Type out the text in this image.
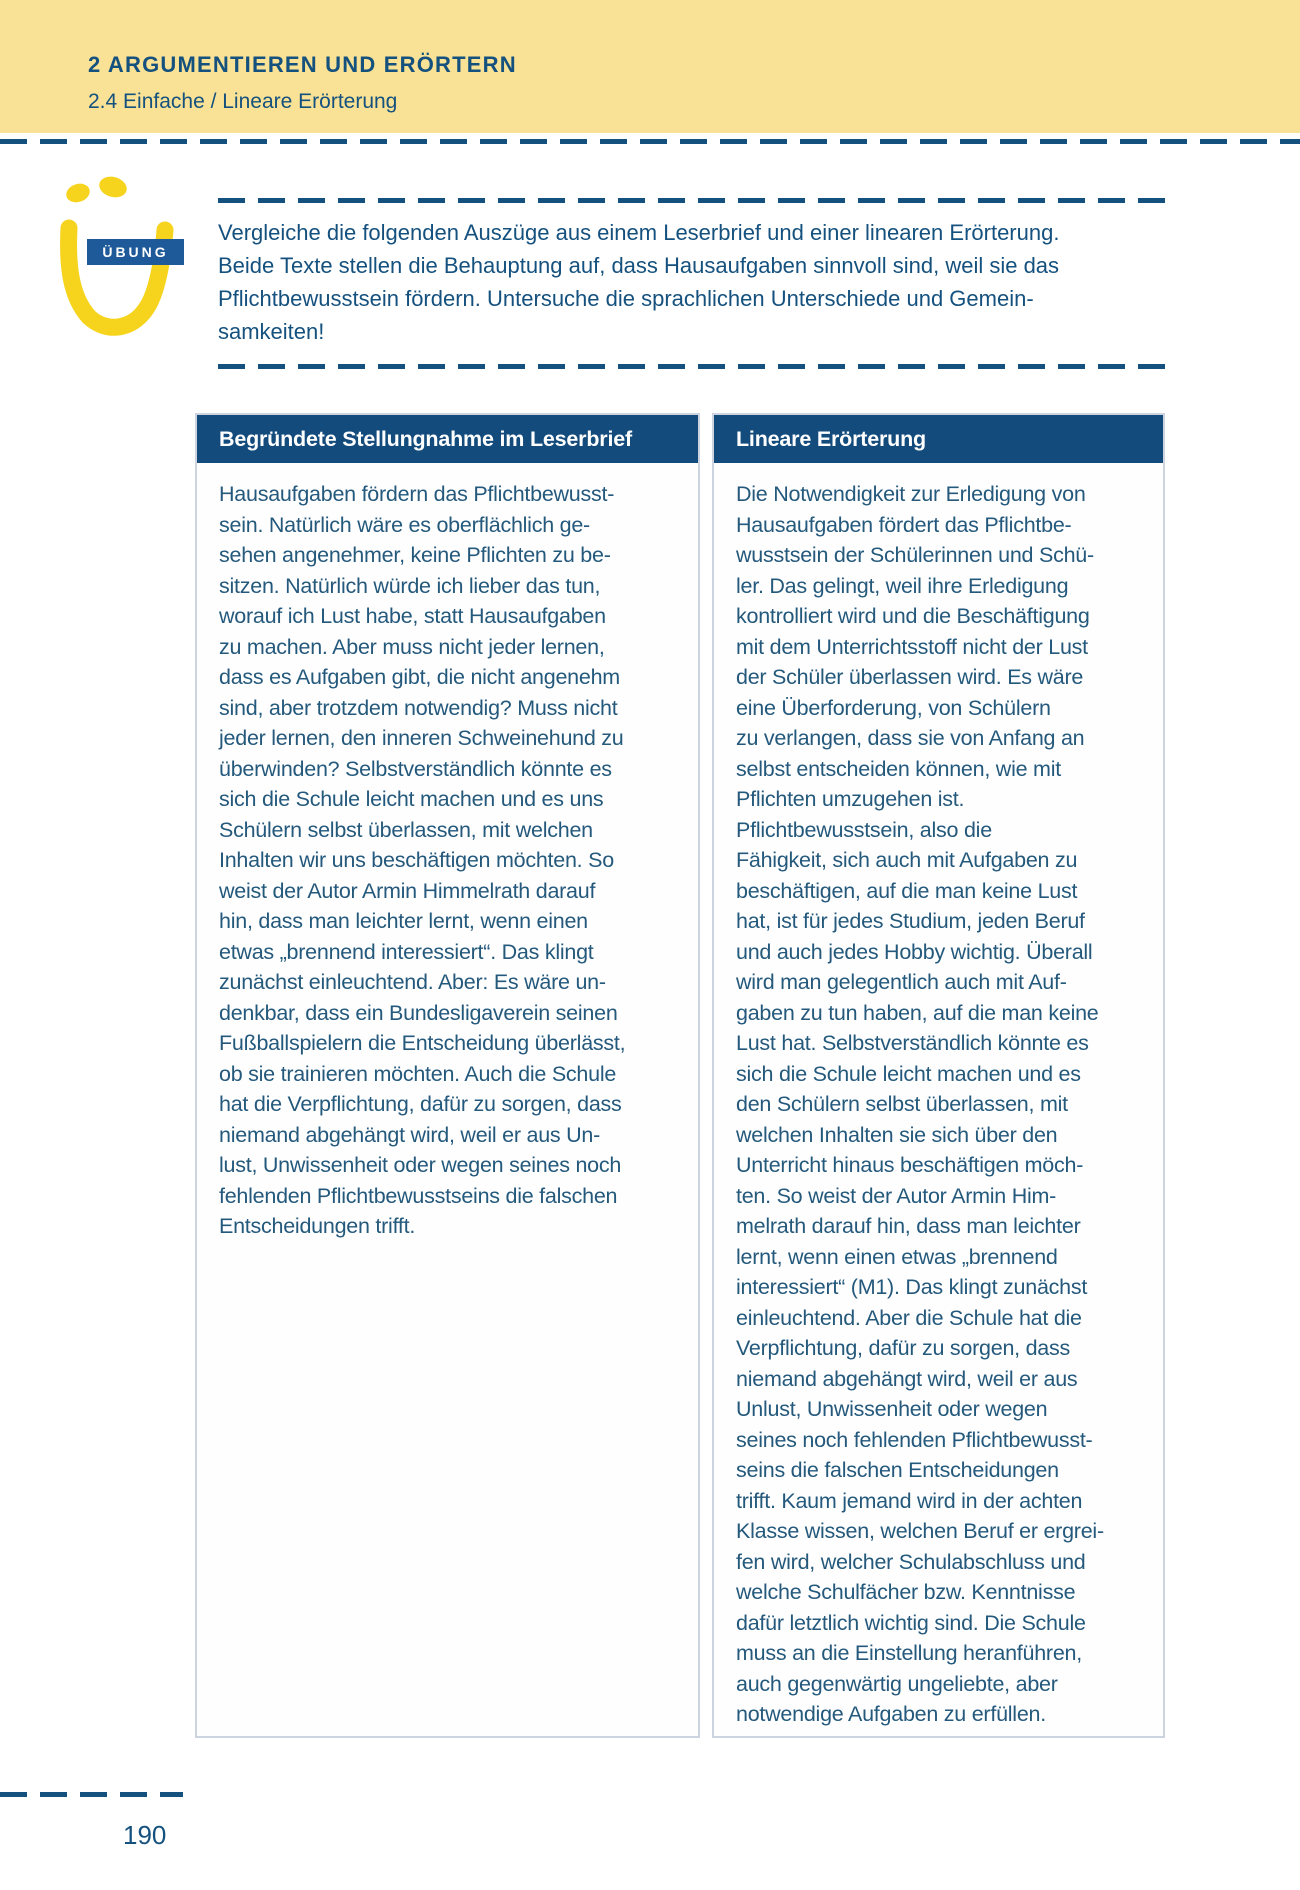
2 ARGUMENTIEREN UND ERÖRTERN
2.4 Einfache / Lineare Erörterung
ÜBUNG
Vergleiche die folgenden Auszüge aus einem Leserbrief und einer linearen Erörterung.
Beide Texte stellen die Behauptung auf, dass Hausaufgaben sinnvoll sind, weil sie das
Pflichtbewusstsein fördern. Untersuche die sprachlichen Unterschiede und Gemein-
samkeiten!
Begründete Stellungnahme im Leserbrief
Hausaufgaben fördern das Pflichtbewusst-
sein. Natürlich wäre es oberflächlich ge-
sehen angenehmer, keine Pflichten zu be-
sitzen. Natürlich würde ich lieber das tun,
worauf ich Lust habe, statt Hausaufgaben
zu machen. Aber muss nicht jeder lernen,
dass es Aufgaben gibt, die nicht angenehm
sind, aber trotzdem notwendig? Muss nicht
jeder lernen, den inneren Schweinehund zu
überwinden? Selbstverständlich könnte es
sich die Schule leicht machen und es uns
Schülern selbst überlassen, mit welchen
Inhalten wir uns beschäftigen möchten. So
weist der Autor Armin Himmelrath darauf
hin, dass man leichter lernt, wenn einen
etwas „brennend interessiert“. Das klingt
zunächst einleuchtend. Aber: Es wäre un-
denkbar, dass ein Bundesligaverein seinen
Fußballspielern die Entscheidung überlässt,
ob sie trainieren möchten. Auch die Schule
hat die Verpflichtung, dafür zu sorgen, dass
niemand abgehängt wird, weil er aus Un-
lust, Unwissenheit oder wegen seines noch
fehlenden Pflichtbewusstseins die falschen
Entscheidungen trifft.
Lineare Erörterung
Die Notwendigkeit zur Erledigung von
Hausaufgaben fördert das Pflichtbe-
wusstsein der Schülerinnen und Schü-
ler. Das gelingt, weil ihre Erledigung
kontrolliert wird und die Beschäftigung
mit dem Unterrichtsstoff nicht der Lust
der Schüler überlassen wird. Es wäre
eine Überforderung, von Schülern
zu verlangen, dass sie von Anfang an
selbst entscheiden können, wie mit
Pflichten umzugehen ist.
Pflichtbewusstsein, also die
Fähigkeit, sich auch mit Aufgaben zu
beschäftigen, auf die man keine Lust
hat, ist für jedes Studium, jeden Beruf
und auch jedes Hobby wichtig. Überall
wird man gelegentlich auch mit Auf-
gaben zu tun haben, auf die man keine
Lust hat. Selbstverständlich könnte es
sich die Schule leicht machen und es
den Schülern selbst überlassen, mit
welchen Inhalten sie sich über den
Unterricht hinaus beschäftigen möch-
ten. So weist der Autor Armin Him-
melrath darauf hin, dass man leichter
lernt, wenn einen etwas „brennend
interessiert“ (M1). Das klingt zunächst
einleuchtend. Aber die Schule hat die
Verpflichtung, dafür zu sorgen, dass
niemand abgehängt wird, weil er aus
Unlust, Unwissenheit oder wegen
seines noch fehlenden Pflichtbewusst-
seins die falschen Entscheidungen
trifft. Kaum jemand wird in der achten
Klasse wissen, welchen Beruf er ergrei-
fen wird, welcher Schulabschluss und
welche Schulfächer bzw. Kenntnisse
dafür letztlich wichtig sind. Die Schule
muss an die Einstellung heranführen,
auch gegenwärtig ungeliebte, aber
notwendige Aufgaben zu erfüllen.
190
